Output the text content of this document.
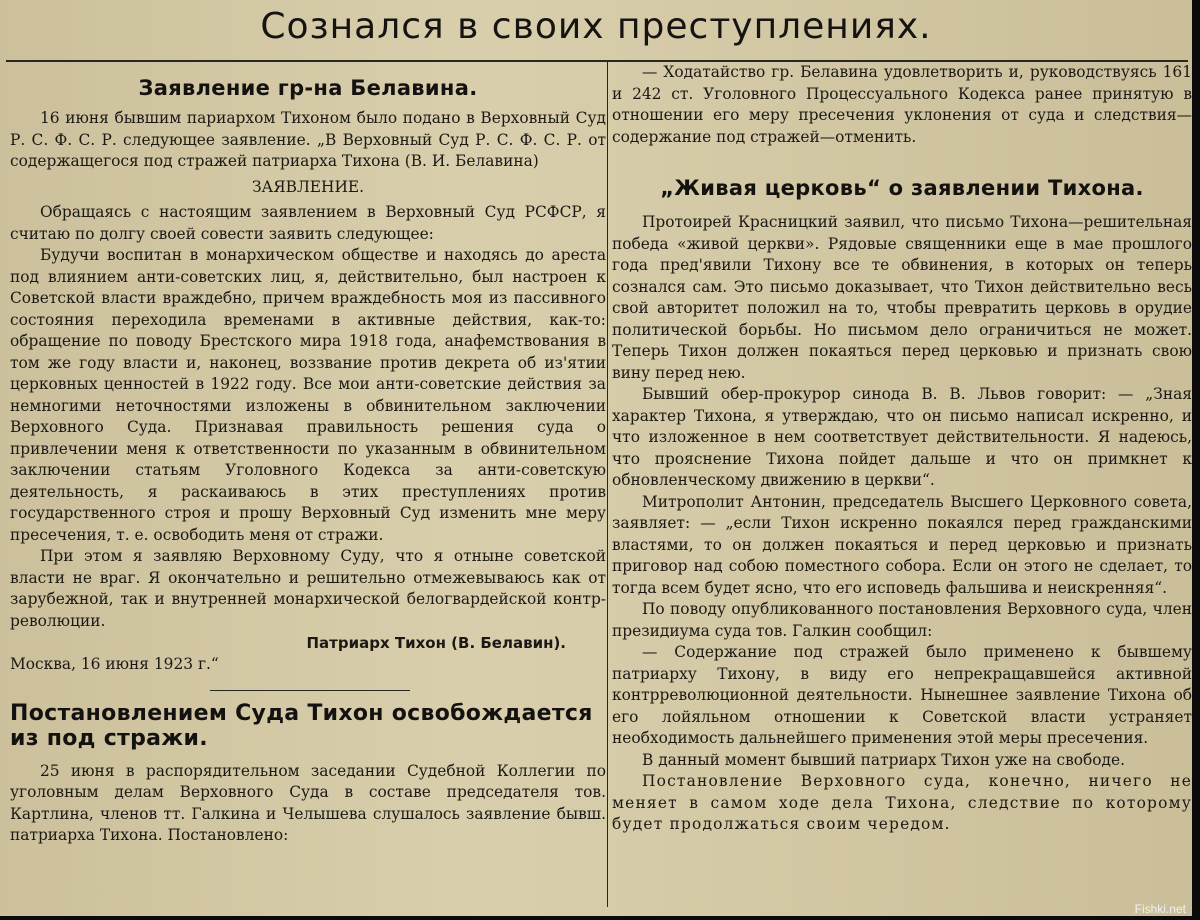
Сознался в своих преступлениях.
Заявление гр-на Белавина.

16 июня бывшим париархом Тихоном было подано в Верховный Суд Р. С. Ф. С. Р. следующее заявление. „В Верховный Суд Р. С. Ф. С. Р. от содержащегося под стражей патриарха Тихона (В. И. Белавина)

ЗАЯВЛЕНИЕ.

Обращаясь с настоящим заявлением в Верховный Суд РСФСР, я считаю по долгу своей совести заявить следующее:

Будучи воспитан в монархическом обществе и находясь до ареста под влиянием анти-советских лиц, я, действительно, был настроен к Советской власти враждебно, причем враждебность моя из пассивного состояния переходила временами в активные действия, как-то: обращение по поводу Брестского мира 1918 года, анафемствования в том же году власти и, наконец, воззвание против декрета об из'ятии церковных ценностей в 1922 году. Все мои анти-советские действия за немногими неточностями изложены в обвинительном заключении Верховного Суда. Признавая правильность решения суда о привлечении меня к ответственности по указанным в обвинительном заключении статьям Уголовного Кодекса за анти-советскую деятельность, я раскаиваюсь в этих преступлениях против государственного строя и прошу Верховный Суд изменить мне меру пресечения, т. е. освободить меня от стражи.

При этом я заявляю Верховному Суду, что я отныне советской власти не враг. Я окончательно и решительно отмежевываюсь как от зарубежной, так и внутренней монархической белогвардейской контр-революции.

Патриарх Тихон (В. Белавин).

Москва, 16 июня 1923 г.“

Постановлением Суда Тихон освобождается из под стражи.

25 июня в распорядительном заседании Судебной Коллегии по уголовным делам Верховного Суда в составе председателя тов. Картлина, членов тт. Галкина и Челышева слушалось заявление бывш. патриарха Тихона. Постановлено:

— Ходатайство гр. Белавина удовлетворить и, руководствуясь 161 и 242 ст. Уголовного Процессуального Кодекса ранее принятую в отношении его меру пресечения уклонения от суда и следствия—содержание под стражей—отменить.

„Живая церковь“ о заявлении Тихона.

Протоирей Красницкий заявил, что письмо Тихона—решительная победа «живой церкви». Рядовые священники еще в мае прошлого года пред'явили Тихону все те обвинения, в которых он теперь сознался сам. Это письмо доказывает, что Тихон действительно весь свой авторитет положил на то, чтобы превратить церковь в орудие политической борьбы. Но письмом дело ограничиться не может. Теперь Тихон должен покаяться перед церковью и признать свою вину перед нею.

Бывший обер-прокурор синода В. В. Львов говорит: — „Зная характер Тихона, я утверждаю, что он письмо написал искренно, и что изложенное в нем соответствует действительности. Я надеюсь, что прояснение Тихона пойдет дальше и что он примкнет к обновленческому движению в церкви“.

Митрополит Антонин, председатель Высшего Церковного совета, заявляет: — „если Тихон искренно покаялся перед гражданскими властями, то он должен покаяться и перед церковью и признать приговор над собою поместного собора. Если он этого не сделает, то тогда всем будет ясно, что его исповедь фальшива и неискренняя“.

По поводу опубликованного постановления Верховного суда, член президиума суда тов. Галкин сообщил:

— Содержание под стражей было применено к бывшему патриарху Тихону, в виду его непрекращавшейся активной контрреволюционной деятельности. Нынешнее заявление Тихона об его лойяльном отношении к Советской власти устраняет необходимость дальнейшего применения этой меры пресечения.

В данный момент бывший патриарх Тихон уже на свободе.

Постановление Верховного суда, конечно, ничего не меняет в самом ходе дела Тихона, следствие по которому будет продолжаться своим чередом.

Fishki.net
